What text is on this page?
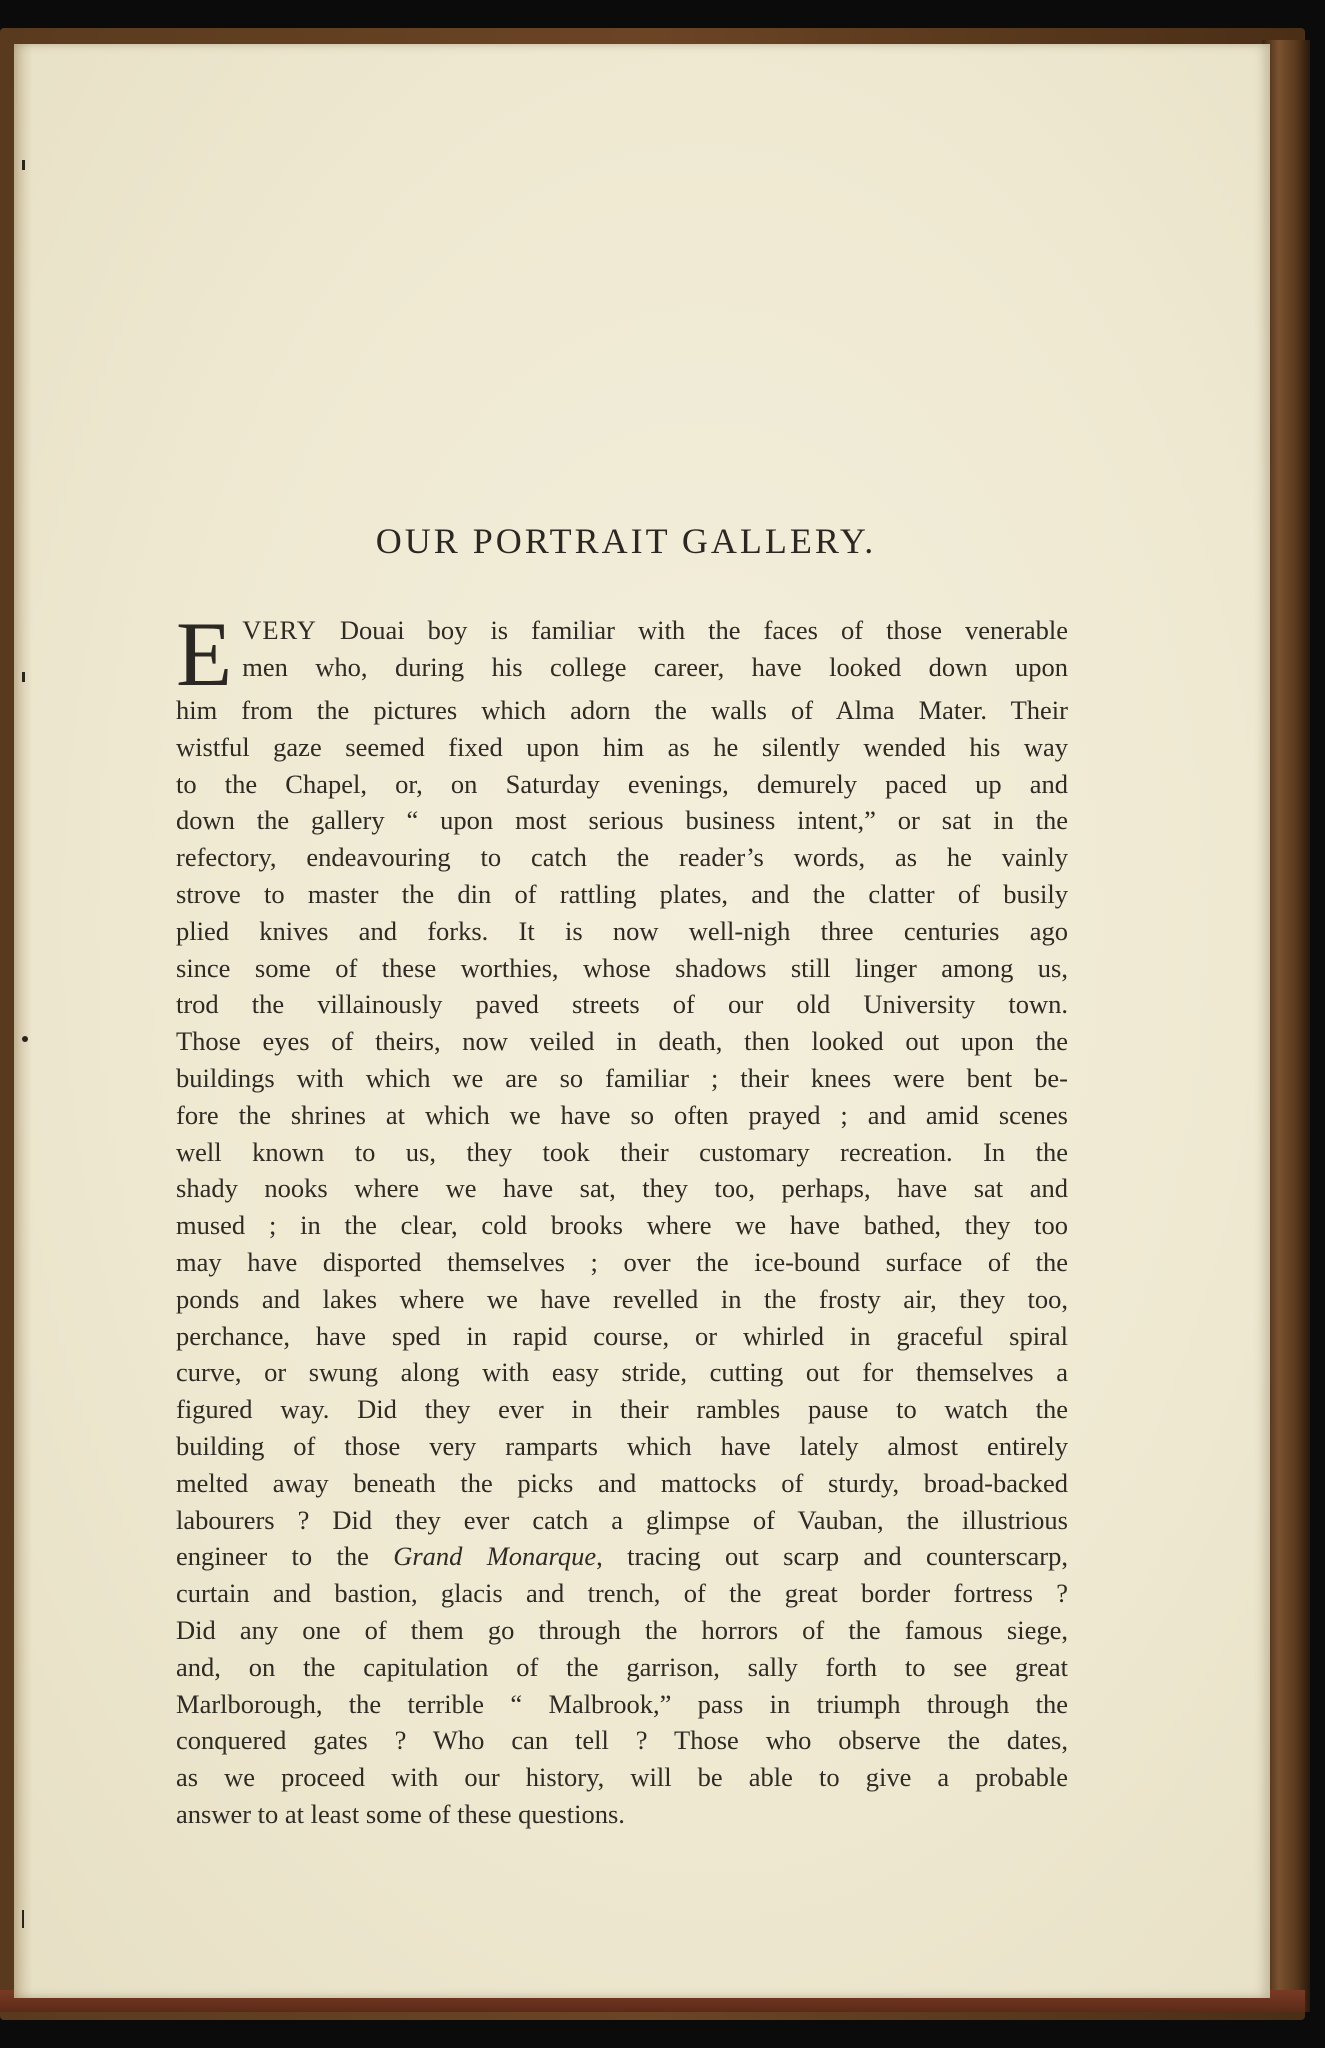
OUR PORTRAIT GALLERY.
E VERY Douai boy is familiar with the faces of those venerable
men who, during his college career, have looked down upon
him from the pictures which adorn the walls of Alma Mater. Their
wistful gaze seemed fixed upon him as he silently wended his way
to the Chapel, or, on Saturday evenings, demurely paced up and
down the gallery “ upon most serious business intent,” or sat in the
refectory, endeavouring to catch the reader’s words, as he vainly
strove to master the din of rattling plates, and the clatter of busily
plied knives and forks. It is now well-nigh three centuries ago
since some of these worthies, whose shadows still linger among us,
trod the villainously paved streets of our old University town.
Those eyes of theirs, now veiled in death, then looked out upon the
buildings with which we are so familiar ; their knees were bent be-
fore the shrines at which we have so often prayed ; and amid scenes
well known to us, they took their customary recreation. In the
shady nooks where we have sat, they too, perhaps, have sat and
mused ; in the clear, cold brooks where we have bathed, they too
may have disported themselves ; over the ice-bound surface of the
ponds and lakes where we have revelled in the frosty air, they too,
perchance, have sped in rapid course, or whirled in graceful spiral
curve, or swung along with easy stride, cutting out for themselves a
figured way. Did they ever in their rambles pause to watch the
building of those very ramparts which have lately almost entirely
melted away beneath the picks and mattocks of sturdy, broad-backed
labourers ? Did they ever catch a glimpse of Vauban, the illustrious
engineer to the Grand Monarque, tracing out scarp and counterscarp,
curtain and bastion, glacis and trench, of the great border fortress ?
Did any one of them go through the horrors of the famous siege,
and, on the capitulation of the garrison, sally forth to see great
Marlborough, the terrible “ Malbrook,” pass in triumph through the
conquered gates ? Who can tell ? Those who observe the dates,
as we proceed with our history, will be able to give a probable
answer to at least some of these questions.
